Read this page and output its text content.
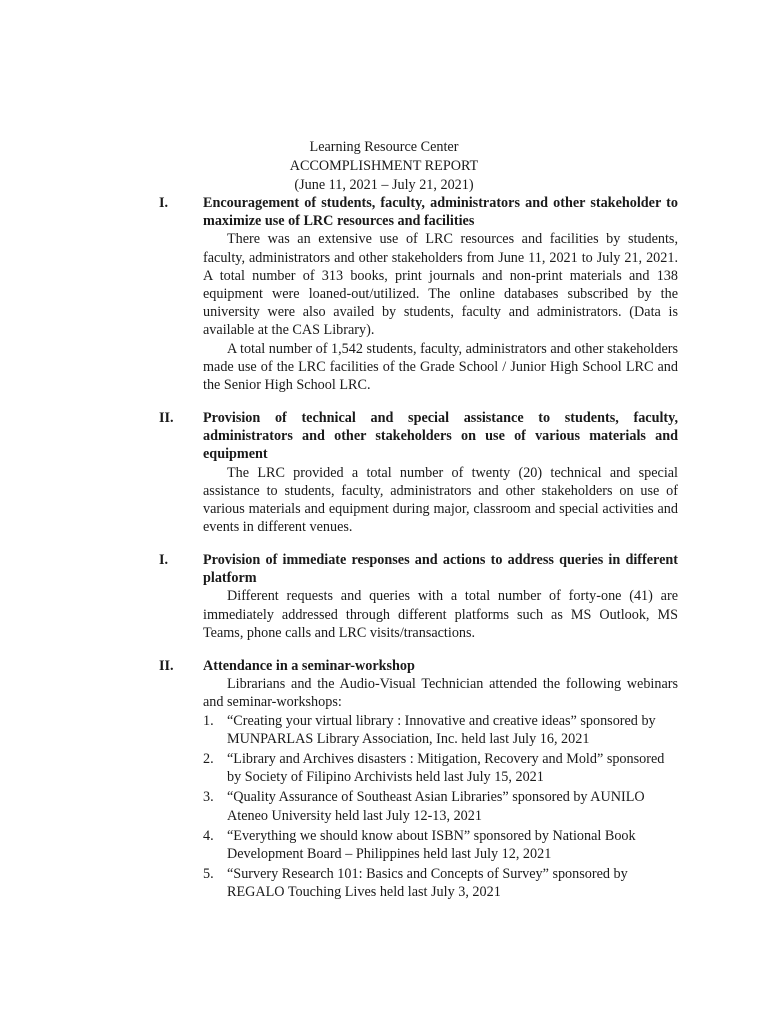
Learning Resource Center
ACCOMPLISHMENT REPORT
(June 11, 2021 – July 21, 2021)
I. Encouragement of students, faculty, administrators and other stakeholder to maximize use of LRC resources and facilities
There was an extensive use of LRC resources and facilities by students, faculty, administrators and other stakeholders from June 11, 2021 to July 21, 2021. A total number of 313 books, print journals and non-print materials and 138 equipment were loaned-out/utilized. The online databases subscribed by the university were also availed by students, faculty and administrators. (Data is available at the CAS Library).
A total number of 1,542 students, faculty, administrators and other stakeholders made use of the LRC facilities of the Grade School / Junior High School LRC and the Senior High School LRC.
II. Provision of technical and special assistance to students, faculty, administrators and other stakeholders on use of various materials and equipment
The LRC provided a total number of twenty (20) technical and special assistance to students, faculty, administrators and other stakeholders on use of various materials and equipment during major, classroom and special activities and events in different venues.
I. Provision of immediate responses and actions to address queries in different platform
Different requests and queries with a total number of forty-one (41) are immediately addressed through different platforms such as MS Outlook, MS Teams, phone calls and LRC visits/transactions.
II. Attendance in a seminar-workshop
Librarians and the Audio-Visual Technician attended the following webinars and seminar-workshops:
1. “Creating your virtual library : Innovative and creative ideas” sponsored by MUNPARLAS Library Association, Inc. held last July 16, 2021
2. “Library and Archives disasters : Mitigation, Recovery and Mold” sponsored by Society of Filipino Archivists held last July 15, 2021
3. “Quality Assurance of Southeast Asian Libraries” sponsored by AUNILO Ateneo University held last July 12-13, 2021
4. “Everything we should know about ISBN” sponsored by National Book Development Board – Philippines held last July 12, 2021
5. “Survery Research 101: Basics and Concepts of Survey” sponsored by REGALO Touching Lives held last July 3, 2021
